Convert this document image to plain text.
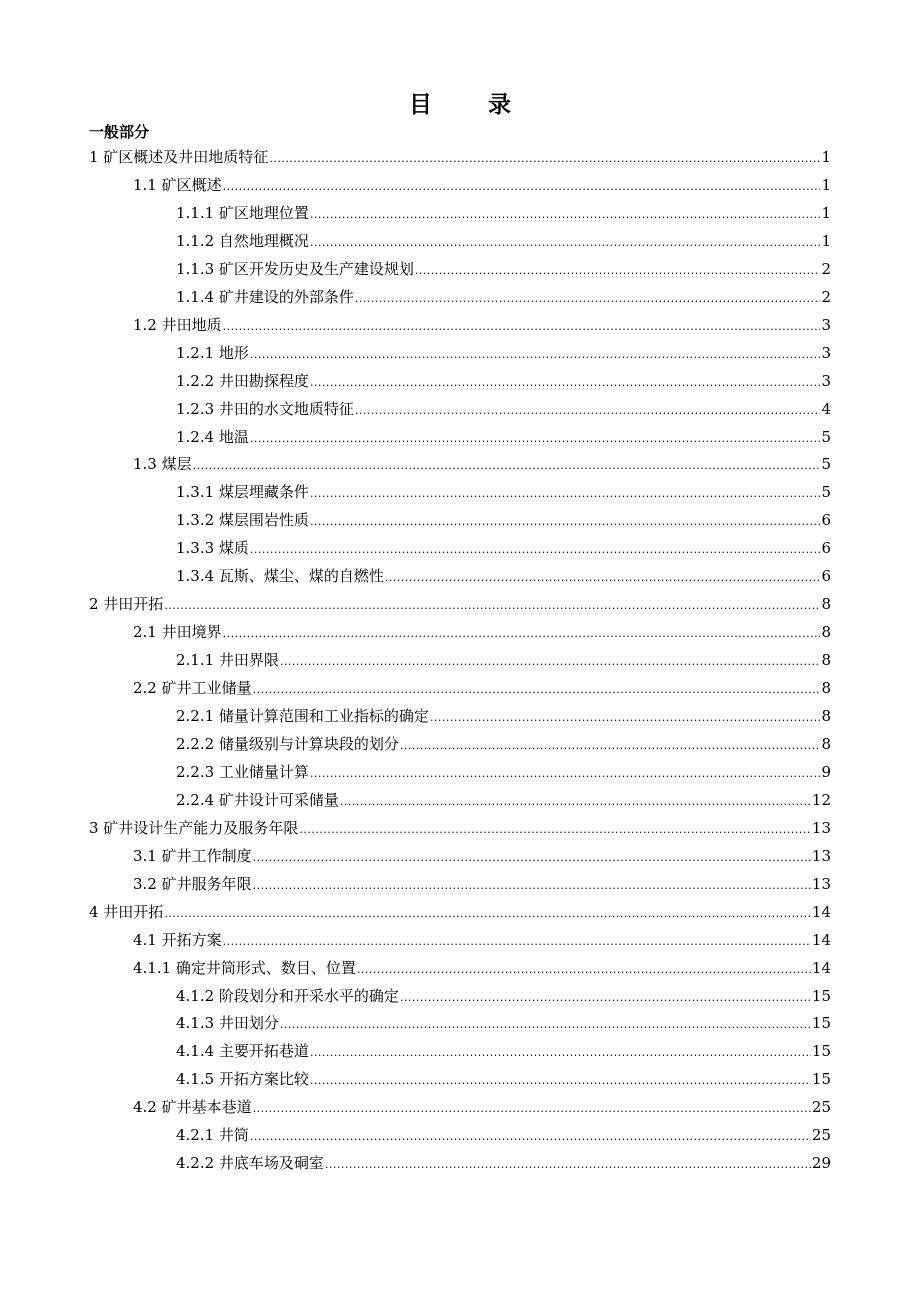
目 录
一般部分
1 矿区概述及井田地质特征 .....	1
1.1 矿区概述 .....	1
1.1.1 矿区地理位置 .....	1
1.1.2 自然地理概况 .....	1
1.1.3 矿区开发历史及生产建设规划 .....	2
1.1.4 矿井建设的外部条件 .....	2
1.2 井田地质 .....	3
1.2.1 地形 .....	3
1.2.2 井田勘探程度 .....	3
1.2.3 井田的水文地质特征 .....	4
1.2.4 地温 .....	5
1.3 煤层 .....	5
1.3.1 煤层埋藏条件 .....	5
1.3.2 煤层围岩性质 .....	6
1.3.3 煤质 .....	6
1.3.4 瓦斯、煤尘、煤的自燃性 .....	6
2 井田开拓 .....	8
2.1 井田境界 .....	8
2.1.1 井田界限 .....	8
2.2 矿井工业储量 .....	8
2.2.1 储量计算范围和工业指标的确定 .....	8
2.2.2 储量级别与计算块段的划分 .....	8
2.2.3 工业储量计算 .....	9
2.2.4 矿井设计可采储量 .....	12
3 矿井设计生产能力及服务年限 .....	13
3.1 矿井工作制度 .....	13
3.2 矿井服务年限 .....	13
4 井田开拓 .....	14
4.1 开拓方案 .....	14
4.1.1 确定井筒形式、数目、位置 .....	14
4.1.2 阶段划分和开采水平的确定 .....	15
4.1.3 井田划分 .....	15
4.1.4 主要开拓巷道 .....	15
4.1.5 开拓方案比较 .....	15
4.2 矿井基本巷道 .....	25
4.2.1 井筒 .....	25
4.2.2 井底车场及硐室 .....	29
